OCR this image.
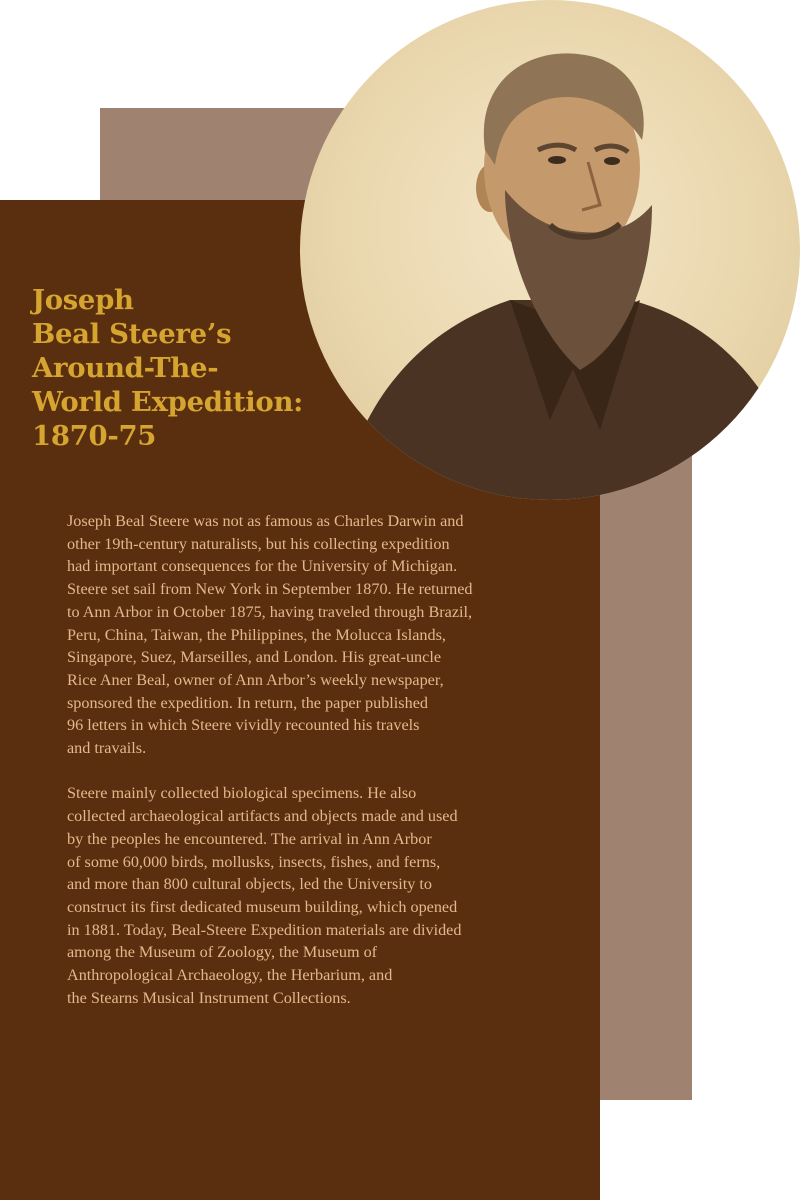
Joseph
Beal Steere’s
Around-The-
World Expedition:
1870-75

Joseph Beal Steere was not as famous as Charles Darwin and
other 19th-century naturalists, but his collecting expedition
had important consequences for the University of Michigan.
Steere set sail from New York in September 1870. He returned
to Ann Arbor in October 1875, having traveled through Brazil,
Peru, China, Taiwan, the Philippines, the Molucca Islands,
Singapore, Suez, Marseilles, and London. His great-uncle
Rice Aner Beal, owner of Ann Arbor’s weekly newspaper,
sponsored the expedition. In return, the paper published
96 letters in which Steere vividly recounted his travels
and travails.

Steere mainly collected biological specimens. He also
collected archaeological artifacts and objects made and used
by the peoples he encountered. The arrival in Ann Arbor
of some 60,000 birds, mollusks, insects, fishes, and ferns,
and more than 800 cultural objects, led the University to
construct its first dedicated museum building, which opened
in 1881. Today, Beal-Steere Expedition materials are divided
among the Museum of Zoology, the Museum of
Anthropological Archaeology, the Herbarium, and
the Stearns Musical Instrument Collections.
